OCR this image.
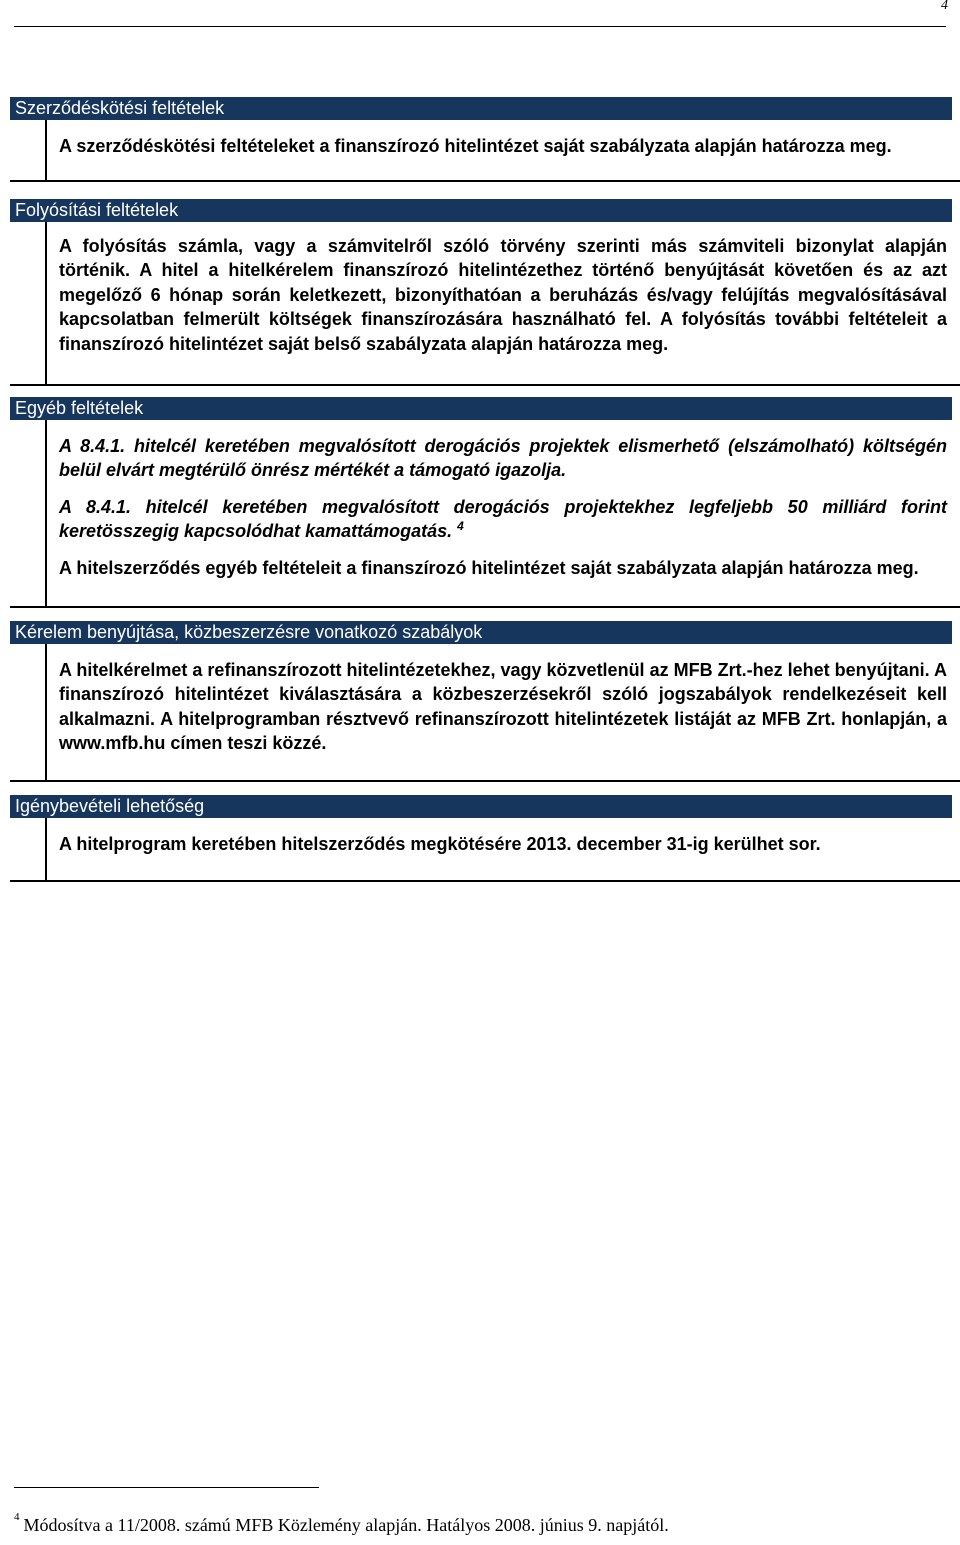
4
Szerződéskötési feltételek

A szerződéskötési feltételeket a finanszírozó hitelintézet saját szabályzata alapján határozza meg.

Folyósítási feltételek

A folyósítás számla, vagy a számvitelről szóló törvény szerinti más számviteli bizonylat alapján történik. A hitel a hitelkérelem finanszírozó hitelintézethez történő benyújtását követően és az azt megelőző 6 hónap során keletkezett, bizonyíthatóan a beruházás és/vagy felújítás megvalósításával kapcsolatban felmerült költségek finanszírozására használható fel. A folyósítás további feltételeit a finanszírozó hitelintézet saját belső szabályzata alapján határozza meg.

Egyéb feltételek

A 8.4.1. hitelcél keretében megvalósított derogációs projektek elismerhető (elszámolható) költségén belül elvárt megtérülő önrész mértékét a támogató igazolja.

A 8.4.1. hitelcél keretében megvalósított derogációs projektekhez legfeljebb 50 milliárd forint keretösszegig kapcsolódhat kamattámogatás. $^4$

A hitelszerződés egyéb feltételeit a finanszírozó hitelintézet saját szabályzata alapján határozza meg.

Kérelem benyújtása, közbeszerzésre vonatkozó szabályok

A hitelkérelmet a refinanszírozott hitelintézetekhez, vagy közvetlenül az MFB Zrt.-hez lehet benyújtani. A finanszírozó hitelintézet kiválasztására a közbeszerzésekről szóló jogszabályok rendelkezéseit kell alkalmazni. A hitelprogramban résztvevő refinanszírozott hitelintézetek listáját az MFB Zrt. honlapján, a www.mfb.hu címen teszi közzé.

Igénybevételi lehetőség

A hitelprogram keretében hitelszerződés megkötésére 2013. december 31-ig kerülhet sor.

$^4$ Módosítva a 11/2008. számú MFB Közlemény alapján. Hatályos 2008. június 9. napjától.
